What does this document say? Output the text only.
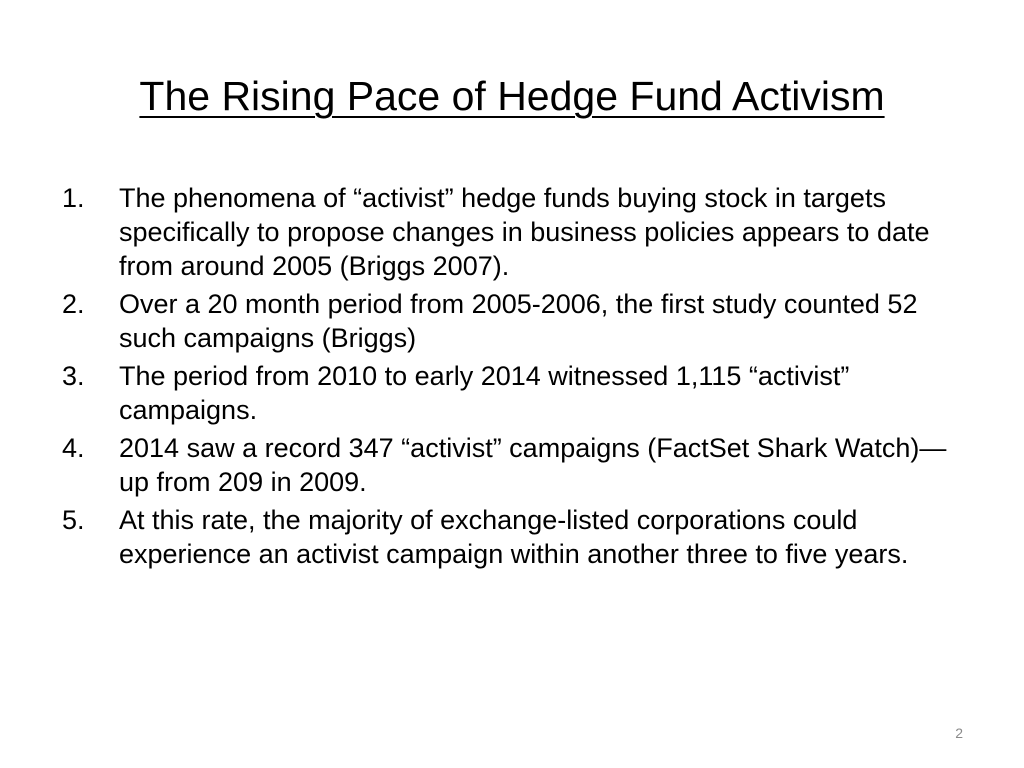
The Rising Pace of Hedge Fund Activism
1.	The phenomena of “activist” hedge funds buying stock in targets specifically to propose changes in business policies appears to date from around 2005 (Briggs 2007).
2.	Over a 20 month period from 2005-2006, the first study counted 52 such campaigns (Briggs)
3.	The period from 2010 to early 2014 witnessed 1,115 “activist” campaigns.
4.	2014 saw a record 347 “activist” campaigns (FactSet Shark Watch)—up from 209 in 2009.
5.	At this rate, the majority of exchange-listed corporations could experience an activist campaign within another three to five years.
2
